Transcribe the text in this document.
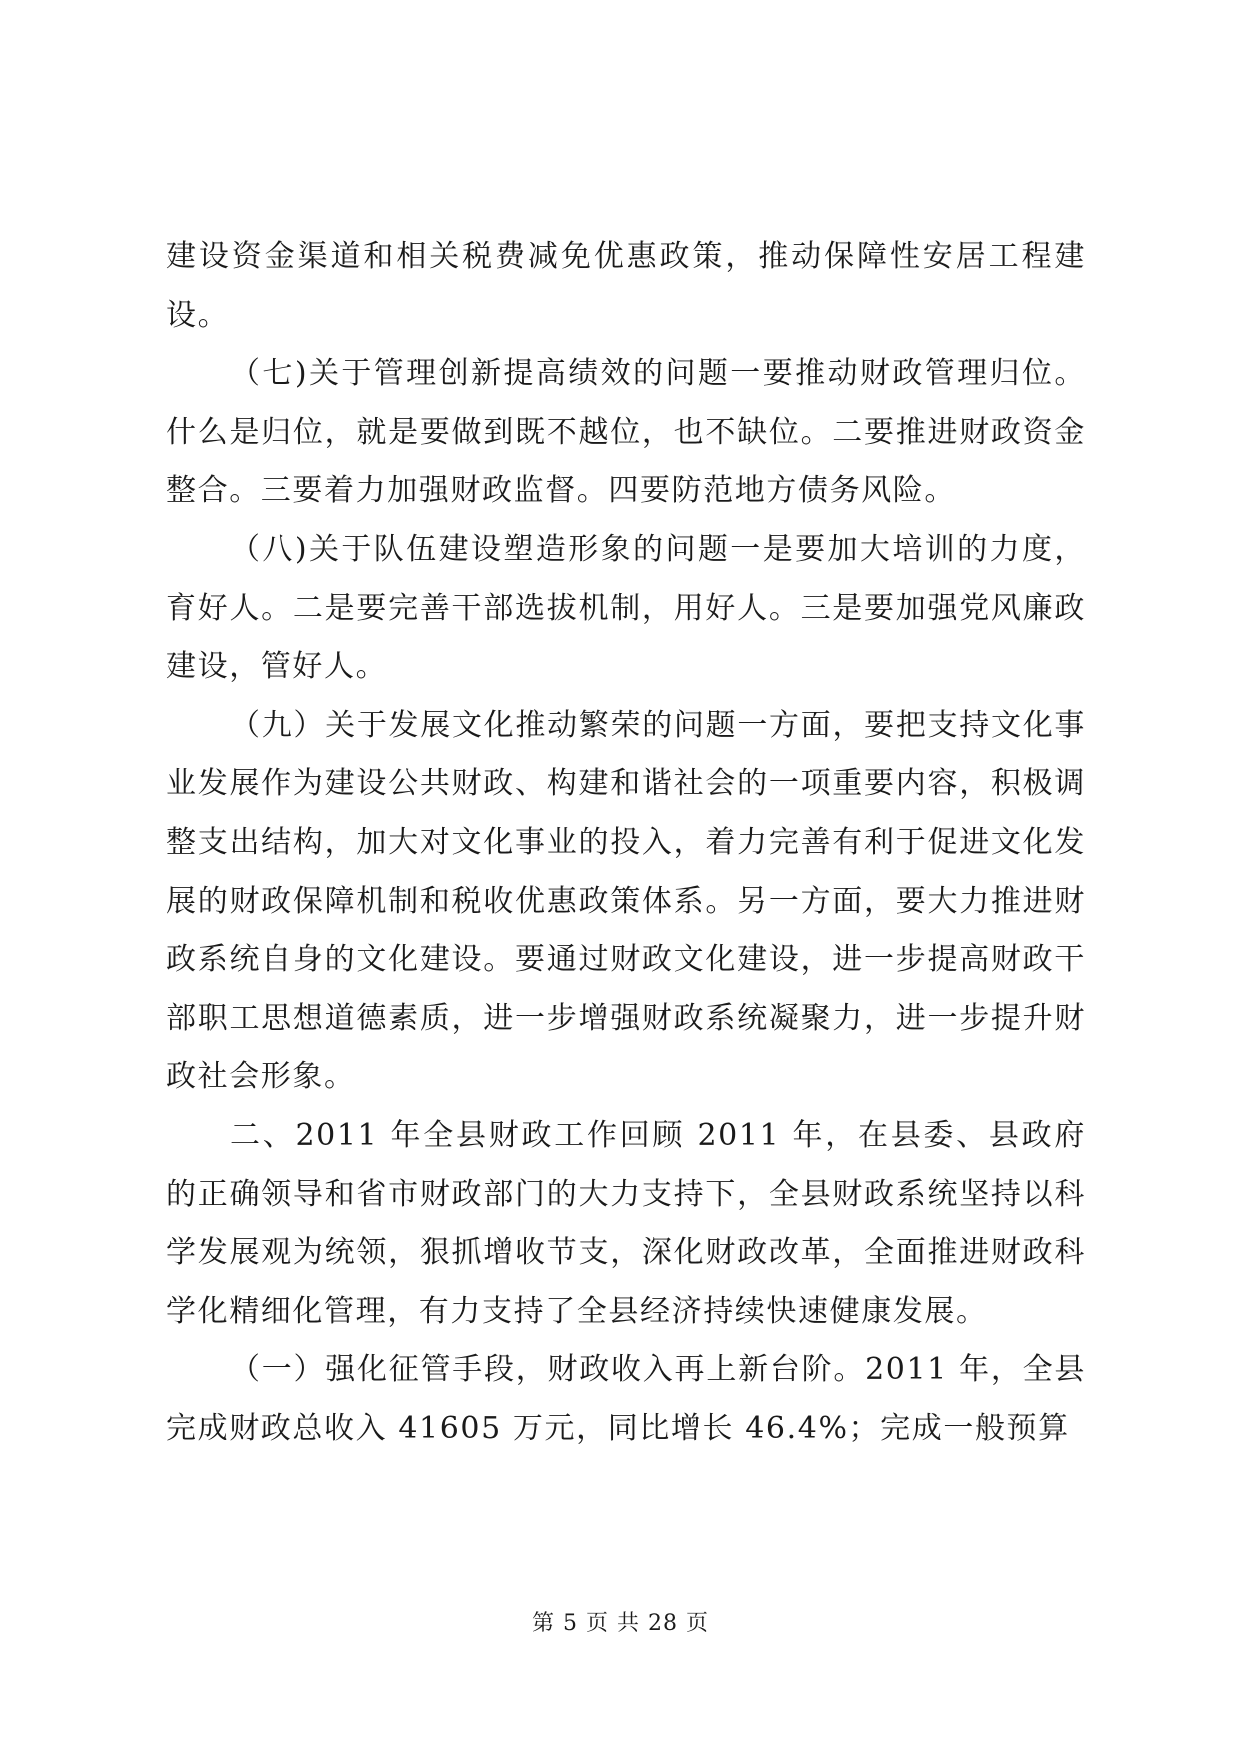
建设资金渠道和相关税费减免优惠政策，推动保障性安居工程建设。

（七)关于管理创新提高绩效的问题一要推动财政管理归位。什么是归位，就是要做到既不越位，也不缺位。二要推进财政资金整合。三要着力加强财政监督。四要防范地方债务风险。

（八)关于队伍建设塑造形象的问题一是要加大培训的力度，育好人。二是要完善干部选拔机制，用好人。三是要加强党风廉政建设，管好人。

（九）关于发展文化推动繁荣的问题一方面，要把支持文化事业发展作为建设公共财政、构建和谐社会的一项重要内容，积极调整支出结构，加大对文化事业的投入，着力完善有利于促进文化发展的财政保障机制和税收优惠政策体系。另一方面，要大力推进财政系统自身的文化建设。要通过财政文化建设，进一步提高财政干部职工思想道德素质，进一步增强财政系统凝聚力，进一步提升财政社会形象。

二、2011 年全县财政工作回顾 2011 年，在县委、县政府的正确领导和省市财政部门的大力支持下，全县财政系统坚持以科学发展观为统领，狠抓增收节支，深化财政改革，全面推进财政科学化精细化管理，有力支持了全县经济持续快速健康发展。

（一）强化征管手段，财政收入再上新台阶。2011 年，全县完成财政总收入 41605 万元，同比增长 46.4%；完成一般预算

第 5 页 共 28 页
